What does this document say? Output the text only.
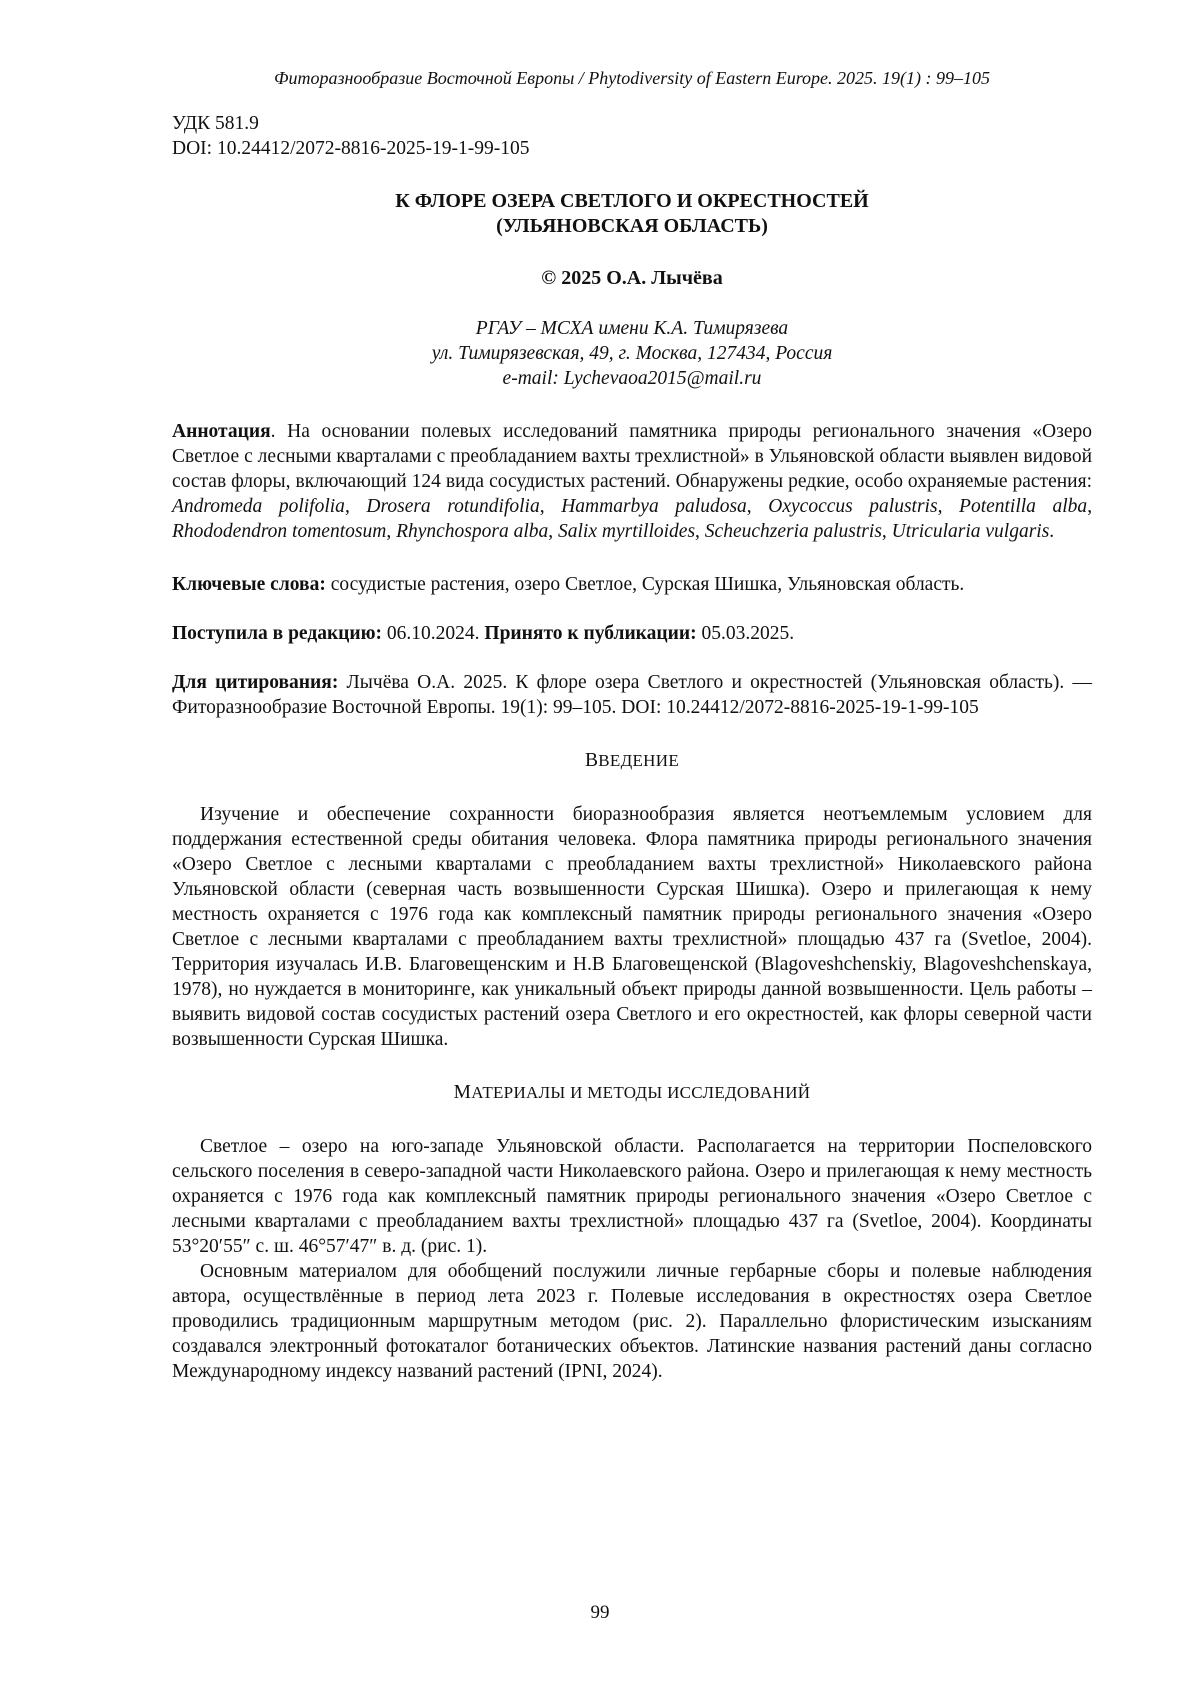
Фиторазнообразие Восточной Европы / Phytodiversity of Eastern Europe. 2025. 19(1) : 99–105
УДК 581.9
DOI: 10.24412/2072-8816-2025-19-1-99-105
К ФЛОРЕ ОЗЕРА СВЕТЛОГО И ОКРЕСТНОСТЕЙ
(УЛЬЯНОВСКАЯ ОБЛАСТЬ)
© 2025 О.А. Лычёва
РГАУ – МСХА имени К.А. Тимирязева
ул. Тимирязевская, 49, г. Москва, 127434, Россия
e-mail: Lychevaoa2015@mail.ru
Аннотация. На основании полевых исследований памятника природы регионального значения «Озеро Светлое с лесными кварталами с преобладанием вахты трехлистной» в Ульяновской области выявлен видовой состав флоры, включающий 124 вида сосудистых растений. Обнаружены редкие, особо охраняемые растения: Andromeda polifolia, Drosera rotundifolia, Hammarbya paludosa, Oxycoccus palustris, Potentilla alba, Rhododendron tomentosum, Rhynchospora alba, Salix myrtilloides, Scheuchzeria palustris, Utricularia vulgaris.
Ключевые слова: сосудистые растения, озеро Светлое, Сурская Шишка, Ульяновская область.
Поступила в редакцию: 06.10.2024. Принято к публикации: 05.03.2025.
Для цитирования: Лычёва О.А. 2025. К флоре озера Светлого и окрестностей (Ульяновская область). — Фиторазнообразие Восточной Европы. 19(1): 99–105. DOI: 10.24412/2072-8816-2025-19-1-99-105
ВВЕДЕНИЕ

Изучение и обеспечение сохранности биоразнообразия является неотъемлемым условием для поддержания естественной среды обитания человека. Флора памятника природы регионального значения «Озеро Светлое с лесными кварталами с преобладанием вахты трехлистной» Николаевского района Ульяновской области (северная часть возвышенности Сурская Шишка). Озеро и прилегающая к нему местность охраняется с 1976 года как комплексный памятник природы регионального значения «Озеро Светлое с лесными кварталами с преобладанием вахты трехлистной» площадью 437 га (Svetloe, 2004). Территория изучалась И.В. Благовещенским и Н.В Благовещенской (Blagoveshchenskiy, Blagoveshchenskaya, 1978), но нуждается в мониторинге, как уникальный объект природы данной возвышенности. Цель работы – выявить видовой состав сосудистых растений озера Светлого и его окрестностей, как флоры северной части возвышенности Сурская Шишка.

МАТЕРИАЛЫ И МЕТОДЫ ИССЛЕДОВАНИЙ

Светлое – озеро на юго-западе Ульяновской области. Располагается на территории Поспеловского сельского поселения в северо-западной части Николаевского района. Озеро и прилегающая к нему местность охраняется с 1976 года как комплексный памятник природы регионального значения «Озеро Светлое с лесными кварталами с преобладанием вахты трехлистной» площадью 437 га (Svetloe, 2004). Координаты 53°20′55″ с. ш. 46°57′47″ в. д. (рис. 1).

Основным материалом для обобщений послужили личные гербарные сборы и полевые наблюдения автора, осуществлённые в период лета 2023 г. Полевые исследования в окрестностях озера Светлое проводились традиционным маршрутным методом (рис. 2). Параллельно флористическим изысканиям создавался электронный фотокаталог ботанических объектов. Латинские названия растений даны согласно Международному индексу названий растений (IPNI, 2024).

99
